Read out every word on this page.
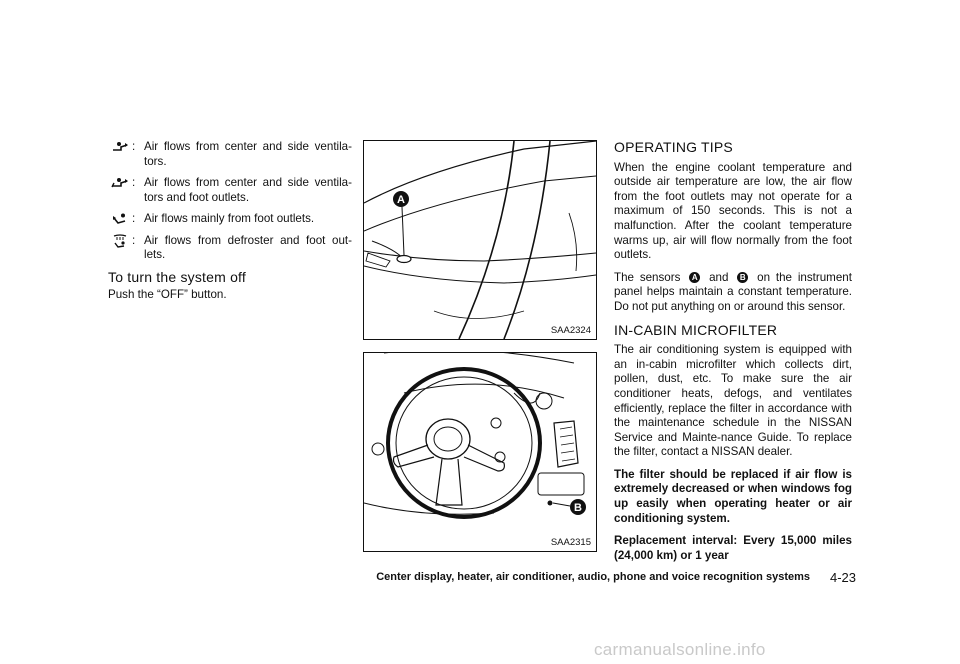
: Air flows from center and side ventila-tors.
: Air flows from center and side ventila-tors and foot outlets.
: Air flows mainly from foot outlets.
: Air flows from defroster and foot out-lets.
To turn the system off

Push the “OFF” button.

A
SAA2324
B
SAA2315
OPERATING TIPS

When the engine coolant temperature and outside air temperature are low, the air flow from the foot outlets may not operate for a maximum of 150 seconds. This is not a malfunction. After the coolant temperature warms up, air will flow normally from the foot outlets.

The sensors A and B on the instrument panel helps maintain a constant temperature. Do not put anything on or around this sensor.

IN-CABIN MICROFILTER

The air conditioning system is equipped with an in-cabin microfilter which collects dirt, pollen, dust, etc. To make sure the air conditioner heats, defogs, and ventilates efficiently, replace the filter in accordance with the maintenance schedule in the NISSAN Service and Mainte-nance Guide. To replace the filter, contact a NISSAN dealer.

The filter should be replaced if air flow is extremely decreased or when windows fog up easily when operating heater or air conditioning system.

Replacement interval: Every 15,000 miles (24,000 km) or 1 year

Center display, heater, air conditioner, audio, phone and voice recognition systems 4-23
carmanualsonline.info
